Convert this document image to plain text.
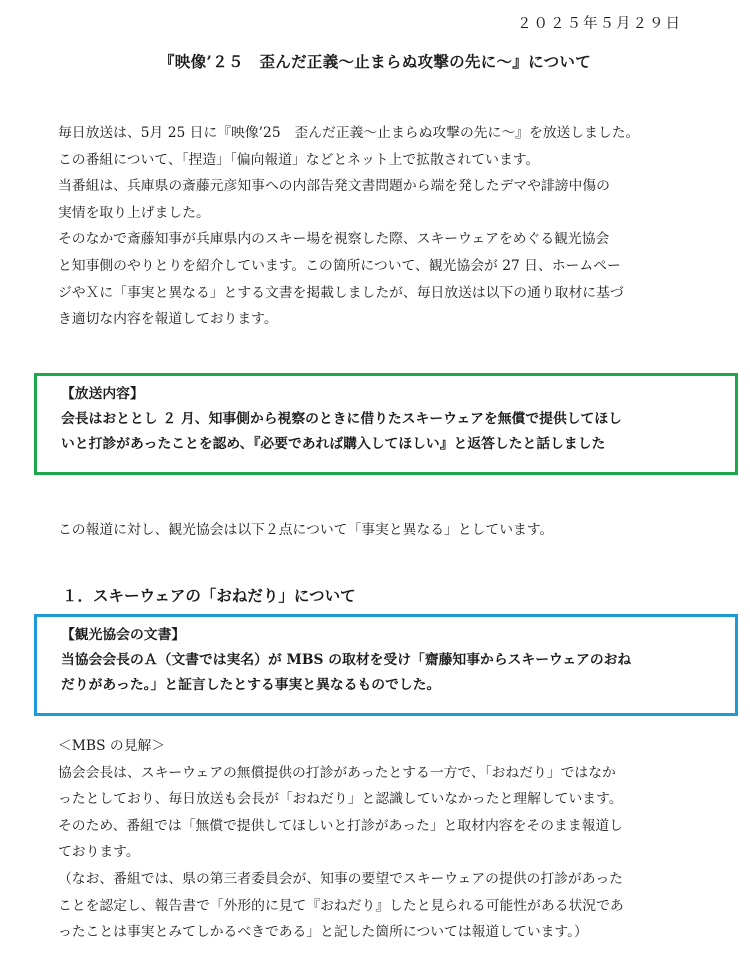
２０２５年５月２９日
『映像’２５　歪んだ正義～止まらぬ攻撃の先に～』について

毎日放送は、5月 25 日に『映像’25　歪んだ正義～止まらぬ攻撃の先に～』を放送しました。

この番組について、「捏造」「偏向報道」などとネット上で拡散されています。

当番組は、兵庫県の斎藤元彦知事への内部告発文書問題から端を発したデマや誹謗中傷の

実情を取り上げました。

そのなかで斎藤知事が兵庫県内のスキー場を視察した際、スキーウェアをめぐる観光協会

と知事側のやりとりを紹介しています。この箇所について、観光協会が 27 日、ホームペー

ジやＸに「事実と異なる」とする文書を掲載しましたが、毎日放送は以下の通り取材に基づ

き適切な内容を報道しております。

【放送内容】
会長はおととし ２ 月、知事側から視察のときに借りたスキーウェアを無償で提供してほし
いと打診があったことを認め、『必要であれば購入してほしい』と返答したと話しました
この報道に対し、観光協会は以下２点について「事実と異なる」としています。
１．スキーウェアの「おねだり」について
【観光協会の文書】
当協会会長のＡ（文書では実名）が MBS の取材を受け「齋藤知事からスキーウェアのおね
だりがあった。」と証言したとする事実と異なるものでした。

＜MBS の見解＞

協会会長は、スキーウェアの無償提供の打診があったとする一方で、「おねだり」ではなか

ったとしており、毎日放送も会長が「おねだり」と認識していなかったと理解しています。

そのため、番組では「無償で提供してほしいと打診があった」と取材内容をそのまま報道し

ております。

（なお、番組では、県の第三者委員会が、知事の要望でスキーウェアの提供の打診があった

ことを認定し、報告書で「外形的に見て『おねだり』したと見られる可能性がある状況であ

ったことは事実とみてしかるべきである」と記した箇所については報道しています。）
